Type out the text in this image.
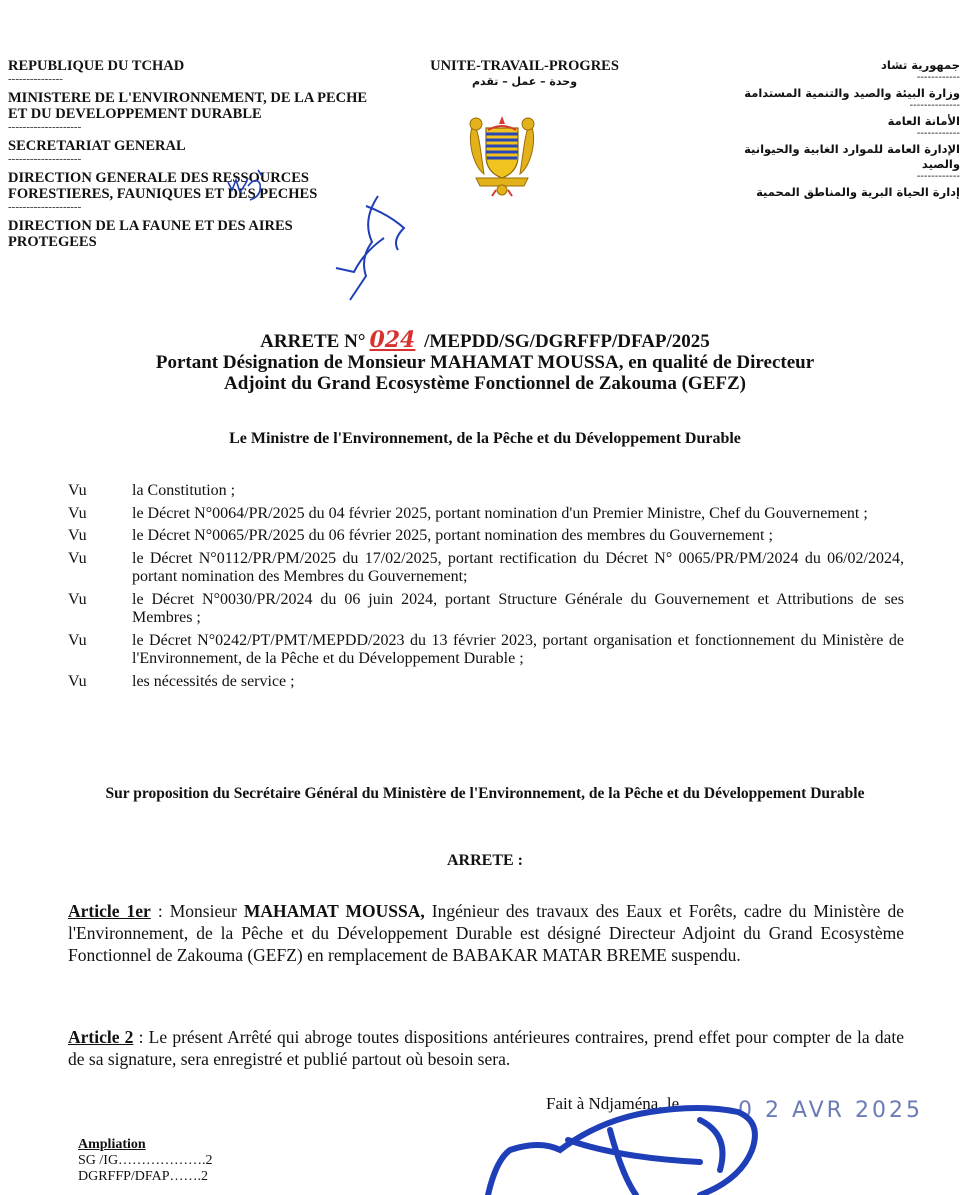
REPUBLIQUE DU TCHAD
---------------
MINISTERE DE L'ENVIRONNEMENT, DE LA PECHE ET DU DEVELOPPEMENT DURABLE
--------------------
SECRETARIAT GENERAL
--------------------
DIRECTION GENERALE DES RESSOURCES FORESTIERES, FAUNIQUES ET DES PECHES
--------------------
DIRECTION DE LA FAUNE ET DES AIRES PROTEGEES
UNITE-TRAVAIL-PROGRES
وحدة – عمل – تقدم
جمهورية تشاد
------------
وزارة البيئة والصيد والتنمية المستدامة
--------------
الأمانة العامة
------------
الإدارة العامة للموارد الغابية والحيوانية والصيد
------------
إدارة الحياة البرية والمناطق المحمية
ARRETE N° 024 /MEPDD/SG/DGRFFP/DFAP/2025
Portant Désignation de Monsieur MAHAMAT MOUSSA, en qualité de Directeur
Adjoint du Grand Ecosystème Fonctionnel de Zakouma (GEFZ)
Le Ministre de l'Environnement, de la Pêche et du Développement Durable
Vu	la Constitution ;
Vu	le Décret N°0064/PR/2025 du 04 février 2025, portant nomination d'un Premier Ministre, Chef du Gouvernement ;
Vu	le Décret N°0065/PR/2025 du 06 février 2025, portant nomination des membres du Gouvernement ;
Vu	le Décret N°0112/PR/PM/2025 du 17/02/2025, portant rectification du Décret N° 0065/PR/PM/2024 du 06/02/2024, portant nomination des Membres du Gouvernement;
Vu	le Décret N°0030/PR/2024 du 06 juin 2024, portant Structure Générale du Gouvernement et Attributions de ses Membres ;
Vu	le Décret N°0242/PT/PMT/MEPDD/2023 du 13 février 2023, portant organisation et fonctionnement du Ministère de l'Environnement, de la Pêche et du Développement Durable ;
Vu	les nécessités de service ;
Sur proposition du Secrétaire Général du Ministère de l'Environnement, de la Pêche et du Développement Durable
ARRETE :
Article 1er : Monsieur MAHAMAT MOUSSA, Ingénieur des travaux des Eaux et Forêts, cadre du Ministère de l'Environnement, de la Pêche et du Développement Durable est désigné Directeur Adjoint du Grand Ecosystème Fonctionnel de Zakouma (GEFZ) en remplacement de BABAKAR MATAR BREME suspendu.
Article 2 : Le présent Arrêté qui abroge toutes dispositions antérieures contraires, prend effet pour compter de la date de sa signature, sera enregistré et publié partout où besoin sera.
Fait à Ndjaména, le	0 2 AVR 2025
Ampliation
SG /IG……………….2
DGRFFP/DFAP…….2
